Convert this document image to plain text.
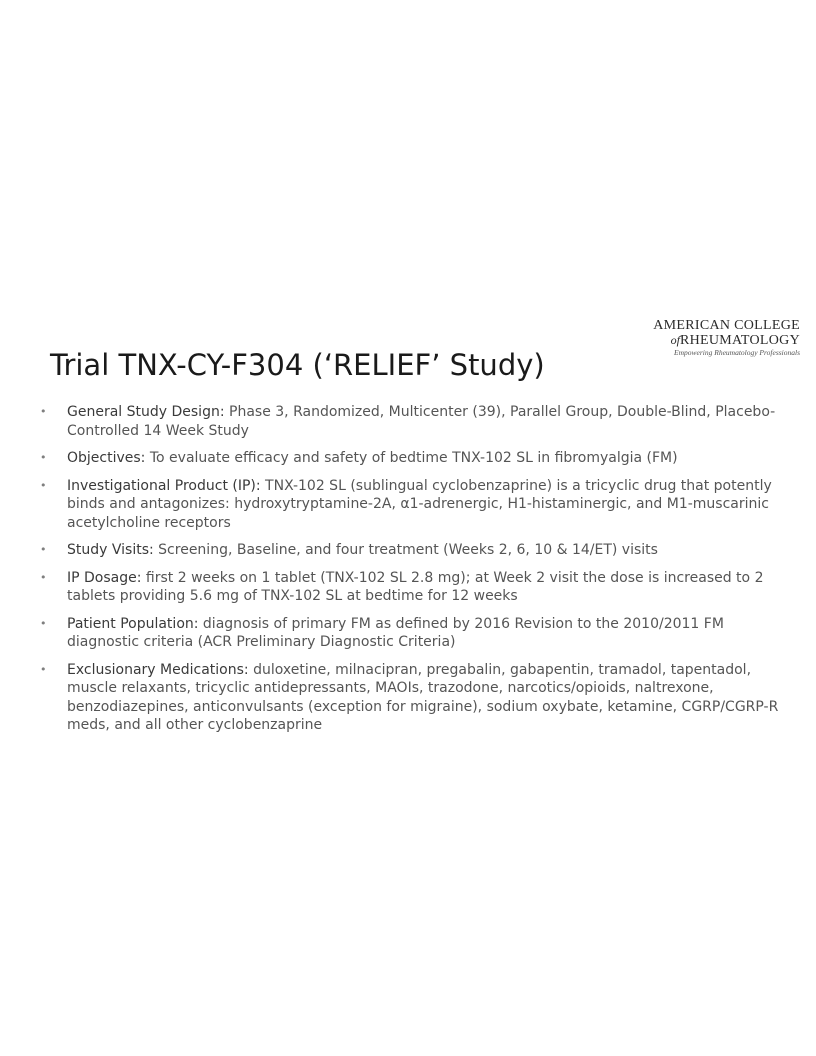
AMERICAN COLLEGE
ofRHEUMATOLOGY
Empowering Rheumatology Professionals
Trial TNX-CY-F304 (‘RELIEF’ Study)
• General Study Design: Phase 3, Randomized, Multicenter (39), Parallel Group, Double-Blind, Placebo-Controlled 14 Week Study
• Objectives: To evaluate efficacy and safety of bedtime TNX-102 SL in fibromyalgia (FM)
• Investigational Product (IP): TNX-102 SL (sublingual cyclobenzaprine) is a tricyclic drug that potently binds and antagonizes: hydroxytryptamine-2A, α1-adrenergic, H1-histaminergic, and M1-muscarinic acetylcholine receptors
• Study Visits: Screening, Baseline, and four treatment (Weeks 2, 6, 10 & 14/ET) visits
• IP Dosage: first 2 weeks on 1 tablet (TNX-102 SL 2.8 mg); at Week 2 visit the dose is increased to 2 tablets providing 5.6 mg of TNX-102 SL at bedtime for 12 weeks
• Patient Population: diagnosis of primary FM as defined by 2016 Revision to the 2010/2011 FM diagnostic criteria (ACR Preliminary Diagnostic Criteria)
• Exclusionary Medications: duloxetine, milnacipran, pregabalin, gabapentin, tramadol, tapentadol, muscle relaxants, tricyclic antidepressants, MAOIs, trazodone, narcotics/opioids, naltrexone, benzodiazepines, anticonvulsants (exception for migraine), sodium oxybate, ketamine, CGRP/CGRP-R meds, and all other cyclobenzaprine
